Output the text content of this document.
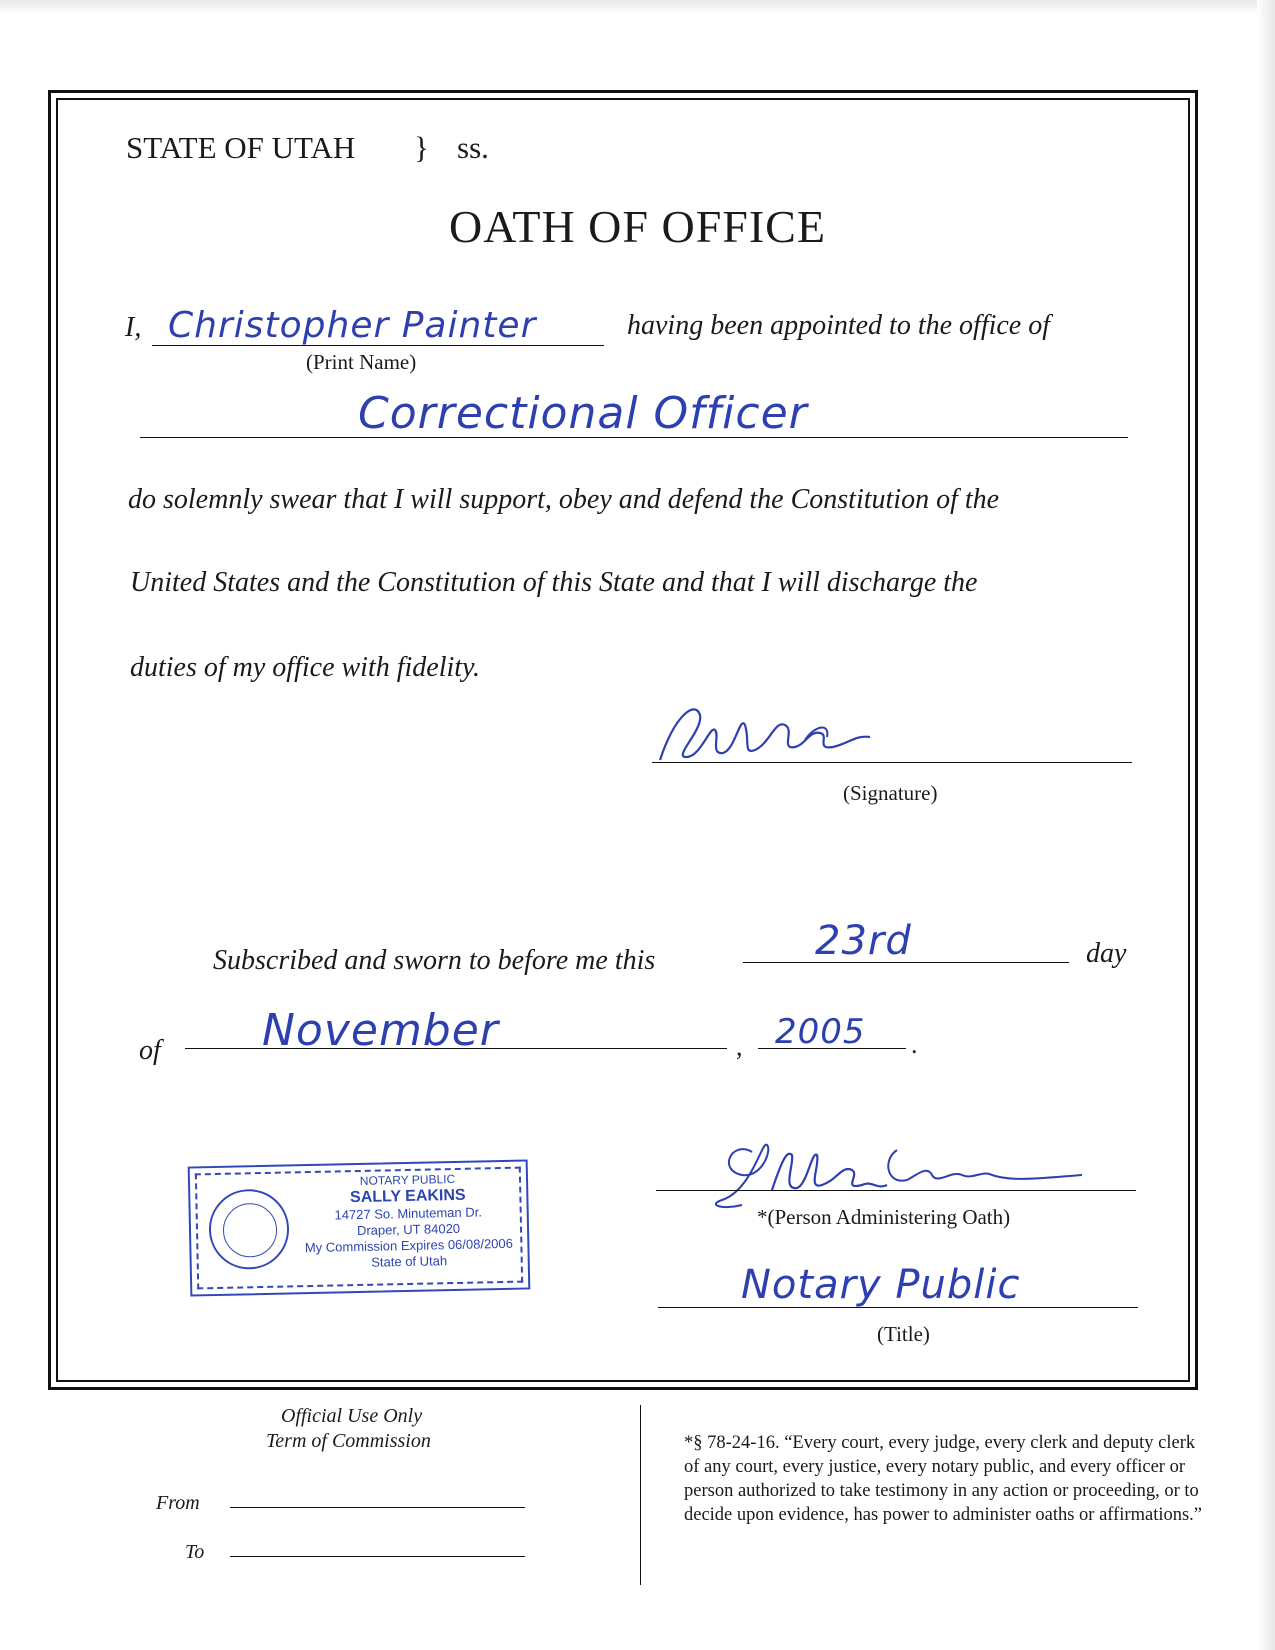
STATE OF UTAH } ss.
OATH OF OFFICE
I, Christopher Painter
(Print Name)
having been appointed to the office of
Correctional Officer
do solemnly swear that I will support, obey and defend the Constitution of the
United States and the Constitution of this State and that I will discharge the
duties of my office with fidelity.
(Signature)
Subscribed and sworn to before me this	23rd	day
of November	, 2005 .
NOTARY PUBLIC
SALLY EAKINS
14727 So. Minuteman Dr.
Draper, UT 84020
My Commission Expires 06/08/2006
State of Utah
*(Person Administering Oath)
Notary Public
(Title)
Official Use Only
Term of Commission
From
To
*§ 78-24-16. “Every court, every judge, every clerk and deputy clerk of any court, every justice, every notary public, and every officer or person authorized to take testimony in any action or proceeding, or to decide upon evidence, has power to administer oaths or affirmations.”
